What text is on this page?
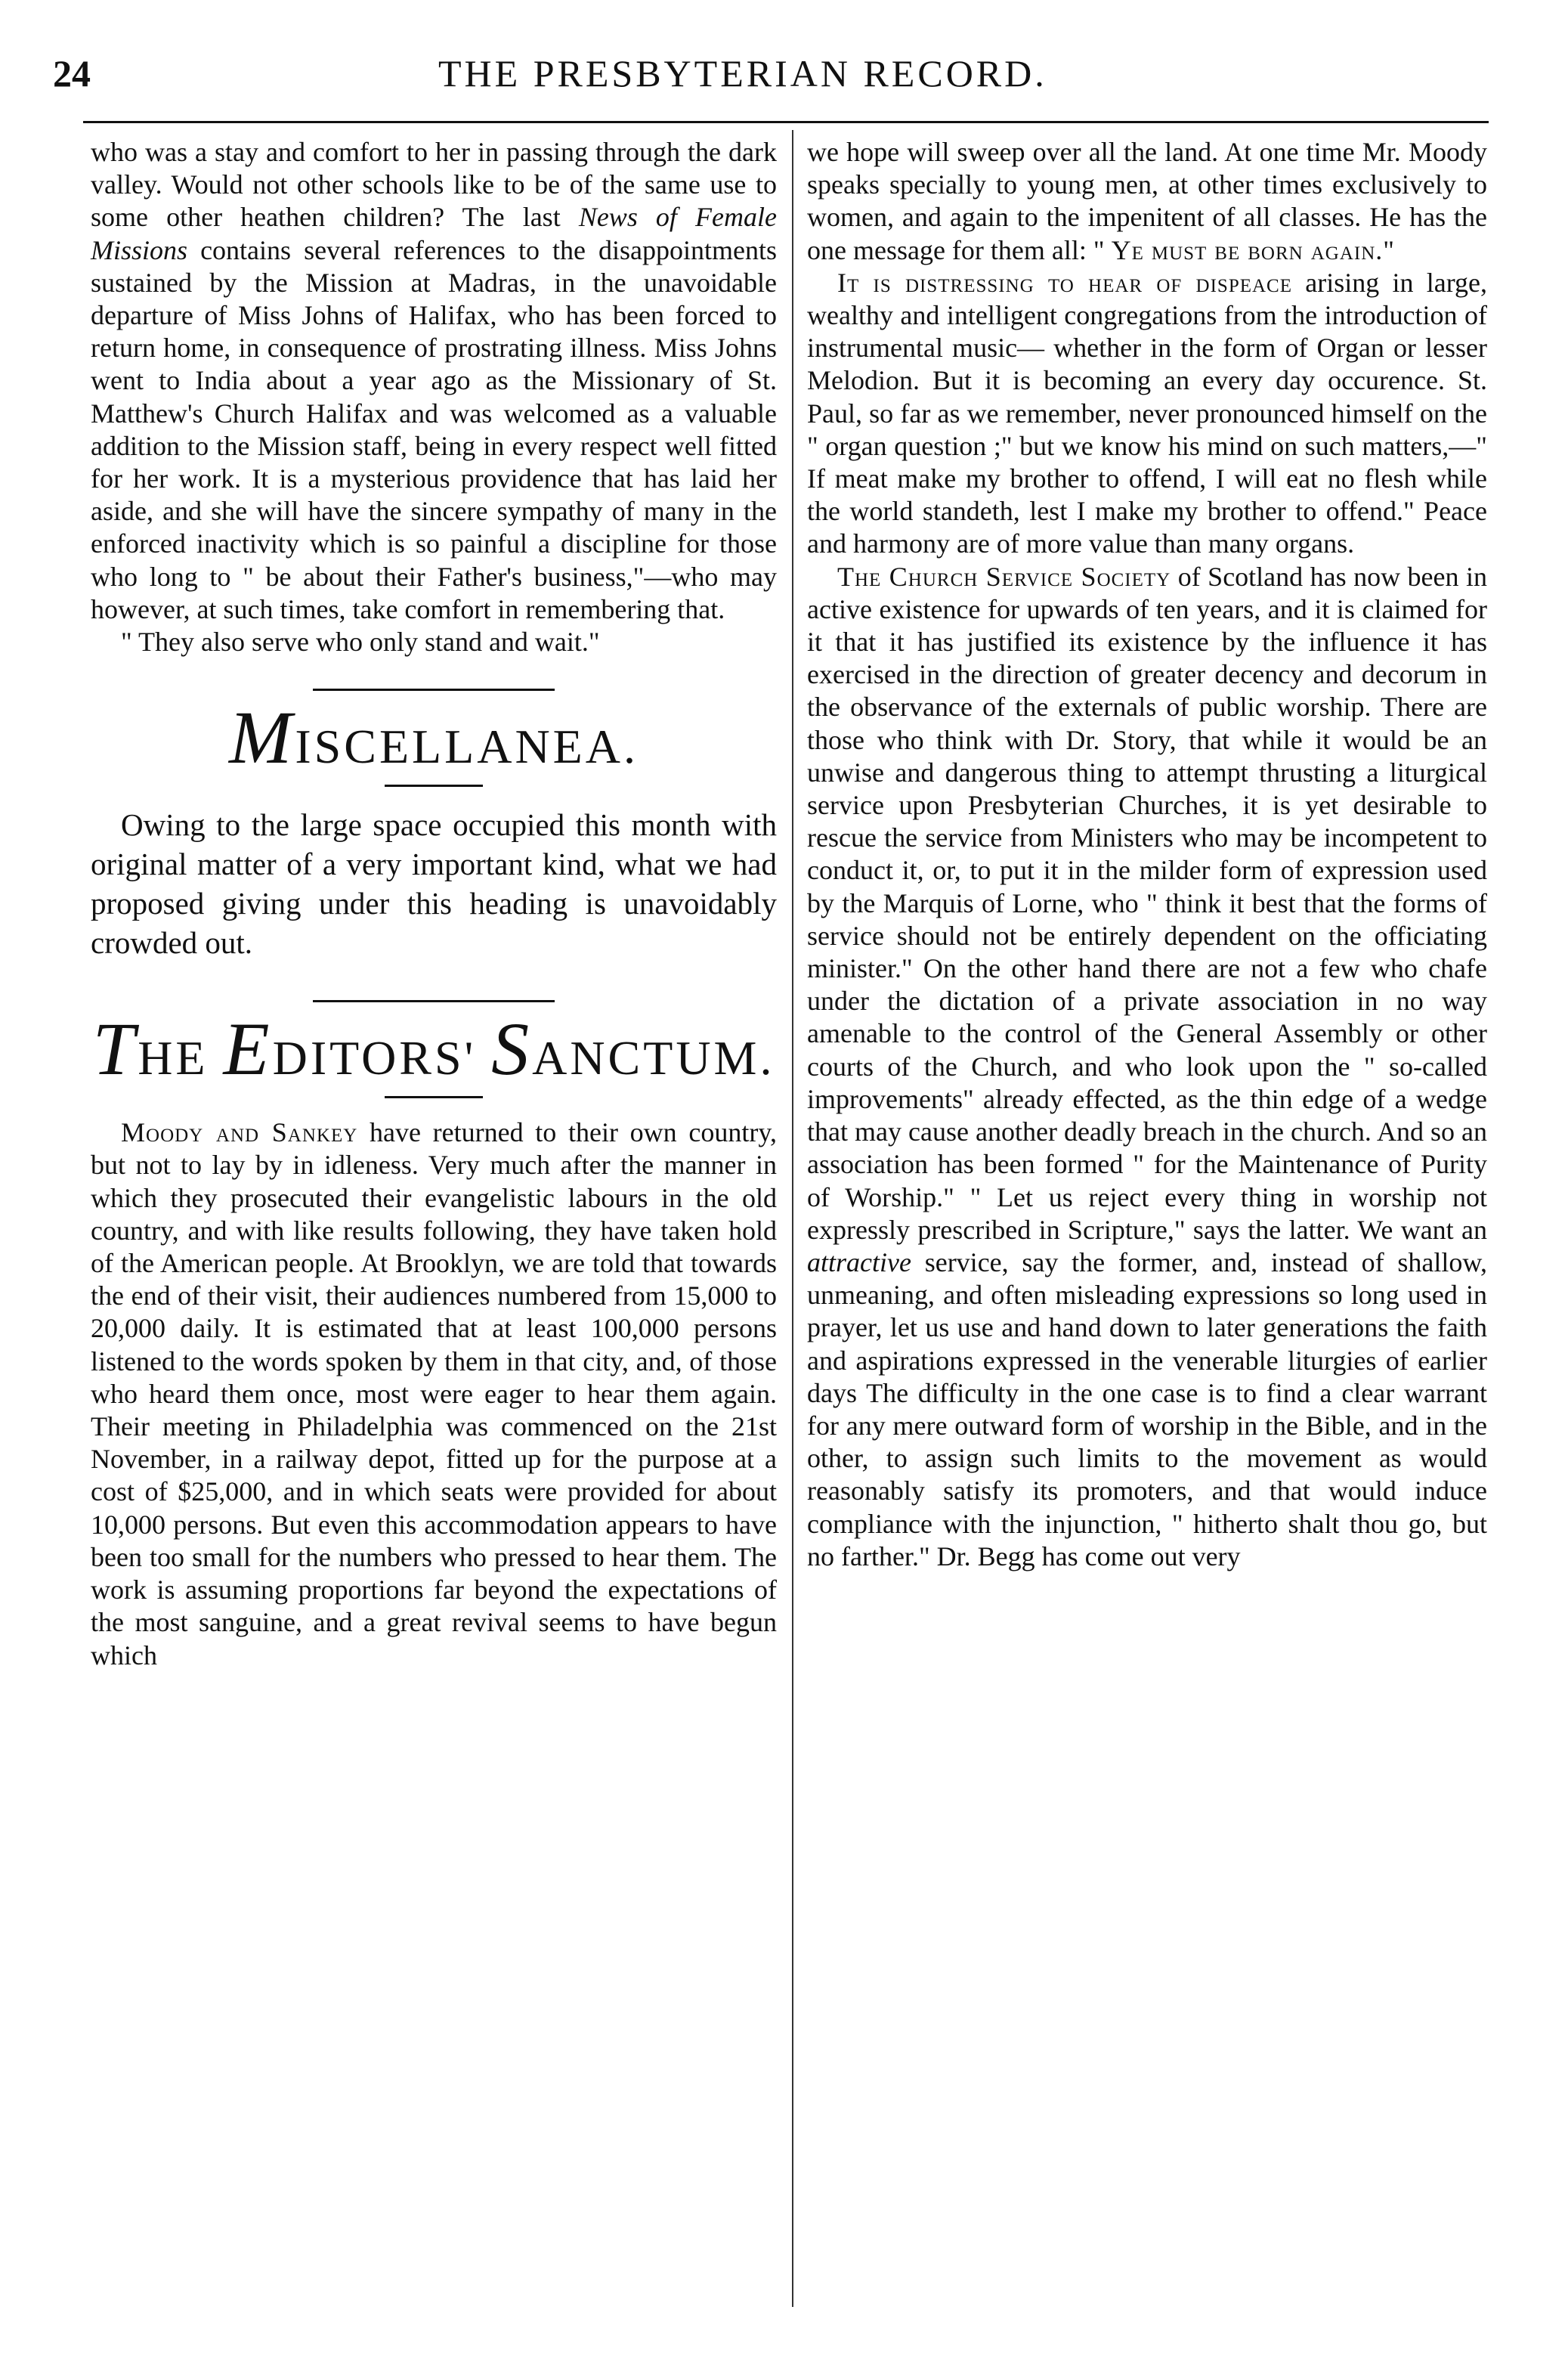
24	THE PRESBYTERIAN RECORD.

who was a stay and comfort to her in passing through the dark valley. Would not other schools like to be of the same use to some other heathen children? The last News of Female Missions contains several references to the disappointments sustained by the Mission at Madras, in the unavoidable departure of Miss Johns of Halifax, who has been forced to return home, in consequence of prostrating illness. Miss Johns went to India about a year ago as the Missionary of St. Matthew's Church Halifax and was welcomed as a valuable addition to the Mission staff, being in every respect well fitted for her work. It is a mysterious providence that has laid her aside, and she will have the sincere sympathy of many in the enforced inactivity which is so painful a discipline for those who long to " be about their Father's business,"—who may however, at such times, take comfort in remembering that.

" They also serve who only stand and wait."

MISCELLANEA.

Owing to the large space occupied this month with original matter of a very important kind, what we had proposed giving under this heading is unavoidably crowded out.

THE EDITORS' SANCTUM.

Moody and Sankey have returned to their own country, but not to lay by in idleness. Very much after the manner in which they prosecuted their evangelistic labours in the old country, and with like results following, they have taken hold of the American people. At Brooklyn, we are told that towards the end of their visit, their audiences numbered from 15,000 to 20,000 daily. It is estimated that at least 100,000 persons listened to the words spoken by them in that city, and, of those who heard them once, most were eager to hear them again. Their meeting in Philadelphia was commenced on the 21st November, in a railway depot, fitted up for the purpose at a cost of $25,000, and in which seats were provided for about 10,000 persons. But even this accommodation appears to have been too small for the numbers who pressed to hear them. The work is assuming proportions far beyond the expectations of the most sanguine, and a great revival seems to have begun which

we hope will sweep over all the land. At one time Mr. Moody speaks specially to young men, at other times exclusively to women, and again to the impenitent of all classes. He has the one message for them all: " Ye must be born again."

It is distressing to hear of dispeace arising in large, wealthy and intelligent congregations from the introduction of instrumental music— whether in the form of Organ or lesser Melodion. But it is becoming an every day occurence. St. Paul, so far as we remember, never pronounced himself on the " organ question ;" but we know his mind on such matters,—" If meat make my brother to offend, I will eat no flesh while the world standeth, lest I make my brother to offend." Peace and harmony are of more value than many organs.

The Church Service Society of Scotland has now been in active existence for upwards of ten years, and it is claimed for it that it has justified its existence by the influence it has exercised in the direction of greater decency and decorum in the observance of the externals of public worship. There are those who think with Dr. Story, that while it would be an unwise and dangerous thing to attempt thrusting a liturgical service upon Presbyterian Churches, it is yet desirable to rescue the service from Ministers who may be incompetent to conduct it, or, to put it in the milder form of expression used by the Marquis of Lorne, who " think it best that the forms of service should not be entirely dependent on the officiating minister." On the other hand there are not a few who chafe under the dictation of a private association in no way amenable to the control of the General Assembly or other courts of the Church, and who look upon the " so-called improvements" already effected, as the thin edge of a wedge that may cause another deadly breach in the church. And so an association has been formed " for the Maintenance of Purity of Worship." " Let us reject every thing in worship not expressly prescribed in Scripture," says the latter. We want an attractive service, say the former, and, instead of shallow, unmeaning, and often misleading expressions so long used in prayer, let us use and hand down to later generations the faith and aspirations expressed in the venerable liturgies of earlier days The difficulty in the one case is to find a clear warrant for any mere outward form of worship in the Bible, and in the other, to assign such limits to the movement as would reasonably satisfy its promoters, and that would induce compliance with the injunction, " hitherto shalt thou go, but no farther." Dr. Begg has come out very
